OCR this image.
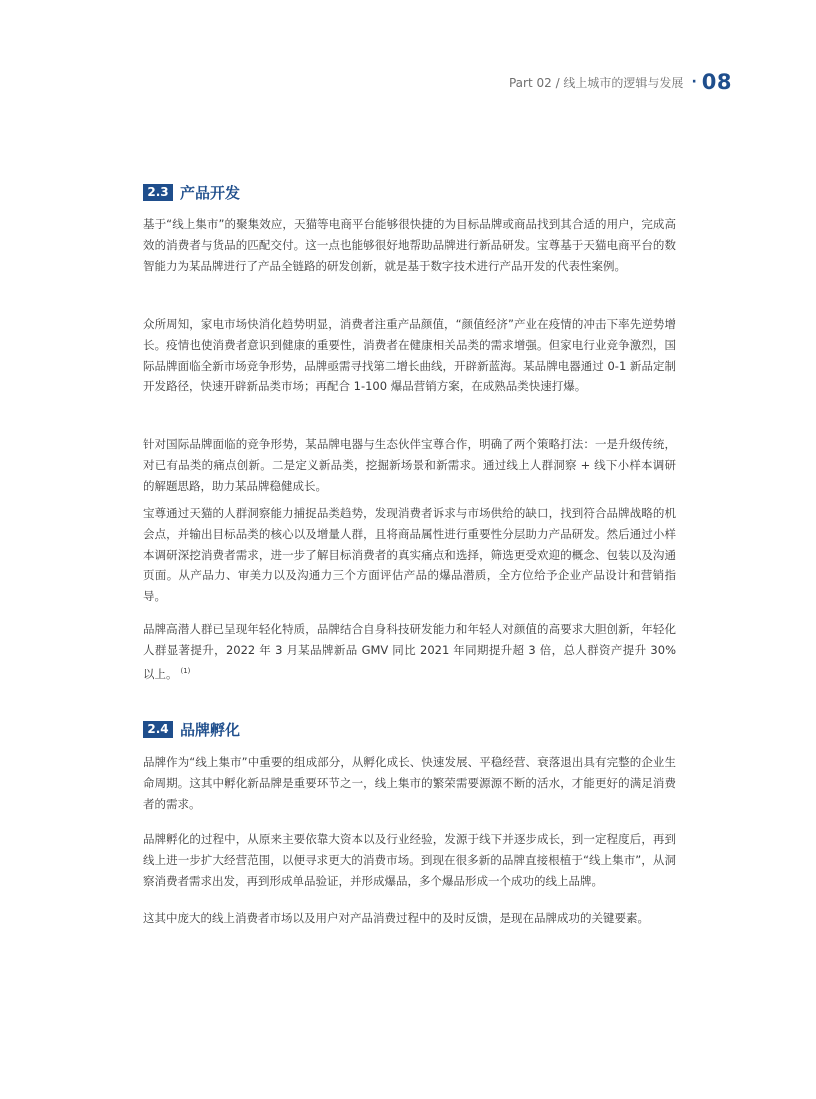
Part 02 / 线上城市的逻辑与发展 · 08
2.3 产品开发

基于“线上集市”的聚集效应，天猫等电商平台能够很快捷的为目标品牌或商品找到其合适的用户，完成高效的消费者与货品的匹配交付。这一点也能够很好地帮助品牌进行新品研发。宝尊基于天猫电商平台的数智能力为某品牌进行了产品全链路的研发创新，就是基于数字技术进行产品开发的代表性案例。

众所周知，家电市场快消化趋势明显，消费者注重产品颜值，“颜值经济”产业在疫情的冲击下率先逆势增长。疫情也使消费者意识到健康的重要性，消费者在健康相关品类的需求增强。但家电行业竞争激烈，国际品牌面临全新市场竞争形势，品牌亟需寻找第二增长曲线，开辟新蓝海。某品牌电器通过 0-1 新品定制开发路径，快速开辟新品类市场；再配合 1-100 爆品营销方案，在成熟品类快速打爆。

针对国际品牌面临的竞争形势，某品牌电器与生态伙伴宝尊合作，明确了两个策略打法：一是升级传统，对已有品类的痛点创新。二是定义新品类，挖掘新场景和新需求。通过线上人群洞察 + 线下小样本调研的解题思路，助力某品牌稳健成长。

宝尊通过天猫的人群洞察能力捕捉品类趋势，发现消费者诉求与市场供给的缺口，找到符合品牌战略的机会点，并输出目标品类的核心以及增量人群，且将商品属性进行重要性分层助力产品研发。然后通过小样本调研深挖消费者需求，进一步了解目标消费者的真实痛点和选择，筛选更受欢迎的概念、包装以及沟通页面。从产品力、审美力以及沟通力三个方面评估产品的爆品潜质，全方位给予企业产品设计和营销指导。

品牌高潜人群已呈现年轻化特质，品牌结合自身科技研发能力和年轻人对颜值的高要求大胆创新，年轻化人群显著提升，2022 年 3 月某品牌新品 GMV 同比 2021 年同期提升超 3 倍，总人群资产提升 30% 以上。 $^{(1)}$

2.4 品牌孵化

品牌作为“线上集市”中重要的组成部分，从孵化成长、快速发展、平稳经营、衰落退出具有完整的企业生命周期。这其中孵化新品牌是重要环节之一，线上集市的繁荣需要源源不断的活水，才能更好的满足消费者的需求。

品牌孵化的过程中，从原来主要依靠大资本以及行业经验，发源于线下并逐步成长，到一定程度后，再到线上进一步扩大经营范围，以便寻求更大的消费市场。到现在很多新的品牌直接根植于“线上集市”，从洞察消费者需求出发，再到形成单品验证，并形成爆品，多个爆品形成一个成功的线上品牌。

这其中庞大的线上消费者市场以及用户对产品消费过程中的及时反馈，是现在品牌成功的关键要素。
